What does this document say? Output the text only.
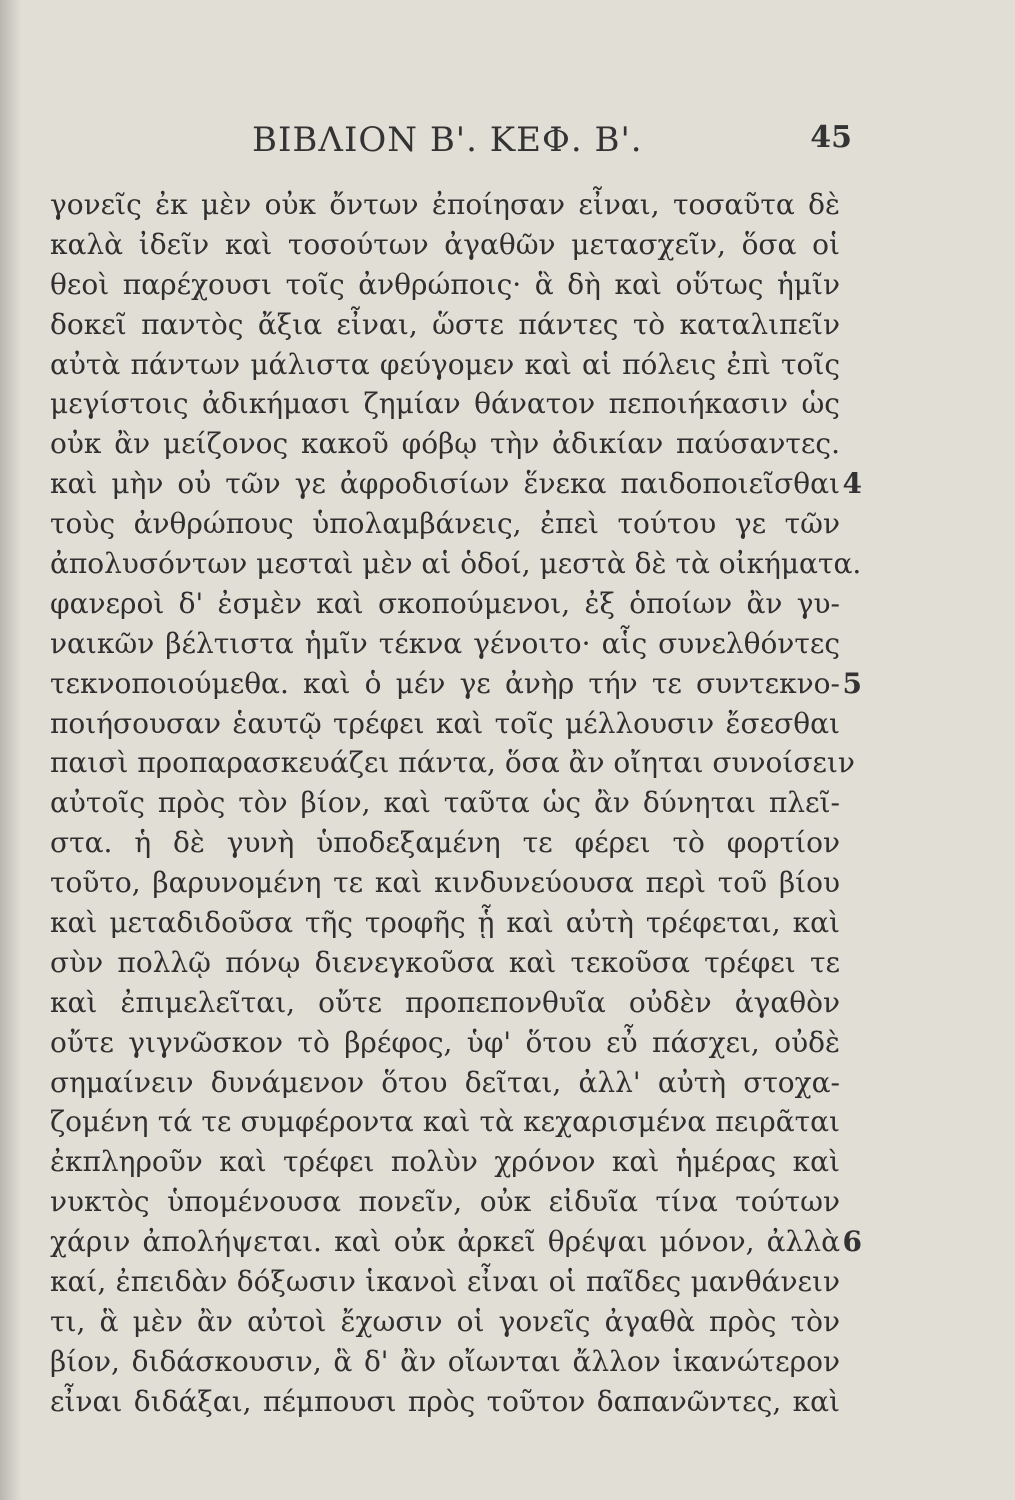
ΒΙΒΛΙΟΝ Β'. ΚΕΦ. Β'.	45
γονεῖς ἐκ μὲν οὐκ ὄντων ἐποίησαν εἶναι, τοσαῦτα δὲ
καλὰ ἰδεῖν καὶ τοσούτων ἀγαθῶν μετασχεῖν, ὅσα οἱ
θεοὶ παρέχουσι τοῖς ἀνθρώποις· ἃ δὴ καὶ οὕτως ἡμῖν
δοκεῖ παντὸς ἄξια εἶναι, ὥστε πάντες τὸ καταλιπεῖν
αὐτὰ πάντων μάλιστα φεύγομεν καὶ αἱ πόλεις ἐπὶ τοῖς
μεγίστοις ἀδικήμασι ζημίαν θάνατον πεποιήκασιν ὡς
οὐκ ἂν μείζονος κακοῦ φόβῳ τὴν ἀδικίαν παύσαντες.
καὶ μὴν οὐ τῶν γε ἀφροδισίων ἕνεκα παιδοποιεῖσθαι 4
τοὺς ἀνθρώπους ὑπολαμβάνεις, ἐπεὶ τούτου γε τῶν
ἀπολυσόντων μεσταὶ μὲν αἱ ὁδοί, μεστὰ δὲ τὰ οἰκήματα.
φανεροὶ δ' ἐσμὲν καὶ σκοπούμενοι, ἐξ ὁποίων ἂν γυ-
ναικῶν βέλτιστα ἡμῖν τέκνα γένοιτο· αἷς συνελθόντες
τεκνοποιούμεθα. καὶ ὁ μέν γε ἀνὴρ τήν τε συντεκνο- 5
ποιήσουσαν ἑαυτῷ τρέφει καὶ τοῖς μέλλουσιν ἔσεσθαι
παισὶ προπαρασκευάζει πάντα, ὅσα ἂν οἴηται συνοίσειν
αὐτοῖς πρὸς τὸν βίον, καὶ ταῦτα ὡς ἂν δύνηται πλεῖ-
στα. ἡ δὲ γυνὴ ὑποδεξαμένη τε φέρει τὸ φορτίον
τοῦτο, βαρυνομένη τε καὶ κινδυνεύουσα περὶ τοῦ βίου
καὶ μεταδιδοῦσα τῆς τροφῆς ᾗ καὶ αὐτὴ τρέφεται, καὶ
σὺν πολλῷ πόνῳ διενεγκοῦσα καὶ τεκοῦσα τρέφει τε
καὶ ἐπιμελεῖται, οὔτε προπεπονθυῖα οὐδὲν ἀγαθὸν
οὔτε γιγνῶσκον τὸ βρέφος, ὑφ' ὅτου εὖ πάσχει, οὐδὲ
σημαίνειν δυνάμενον ὅτου δεῖται, ἀλλ' αὐτὴ στοχα-
ζομένη τά τε συμφέροντα καὶ τὰ κεχαρισμένα πειρᾶται
ἐκπληροῦν καὶ τρέφει πολὺν χρόνον καὶ ἡμέρας καὶ
νυκτὸς ὑπομένουσα πονεῖν, οὐκ εἰδυῖα τίνα τούτων
χάριν ἀπολήψεται. καὶ οὐκ ἀρκεῖ θρέψαι μόνον, ἀλλὰ 6
καί, ἐπειδὰν δόξωσιν ἱκανοὶ εἶναι οἱ παῖδες μανθάνειν
τι, ἃ μὲν ἂν αὐτοὶ ἔχωσιν οἱ γονεῖς ἀγαθὰ πρὸς τὸν
βίον, διδάσκουσιν, ἃ δ' ἂν οἴωνται ἄλλον ἱκανώτερον
εἶναι διδάξαι, πέμπουσι πρὸς τοῦτον δαπανῶντες, καὶ
